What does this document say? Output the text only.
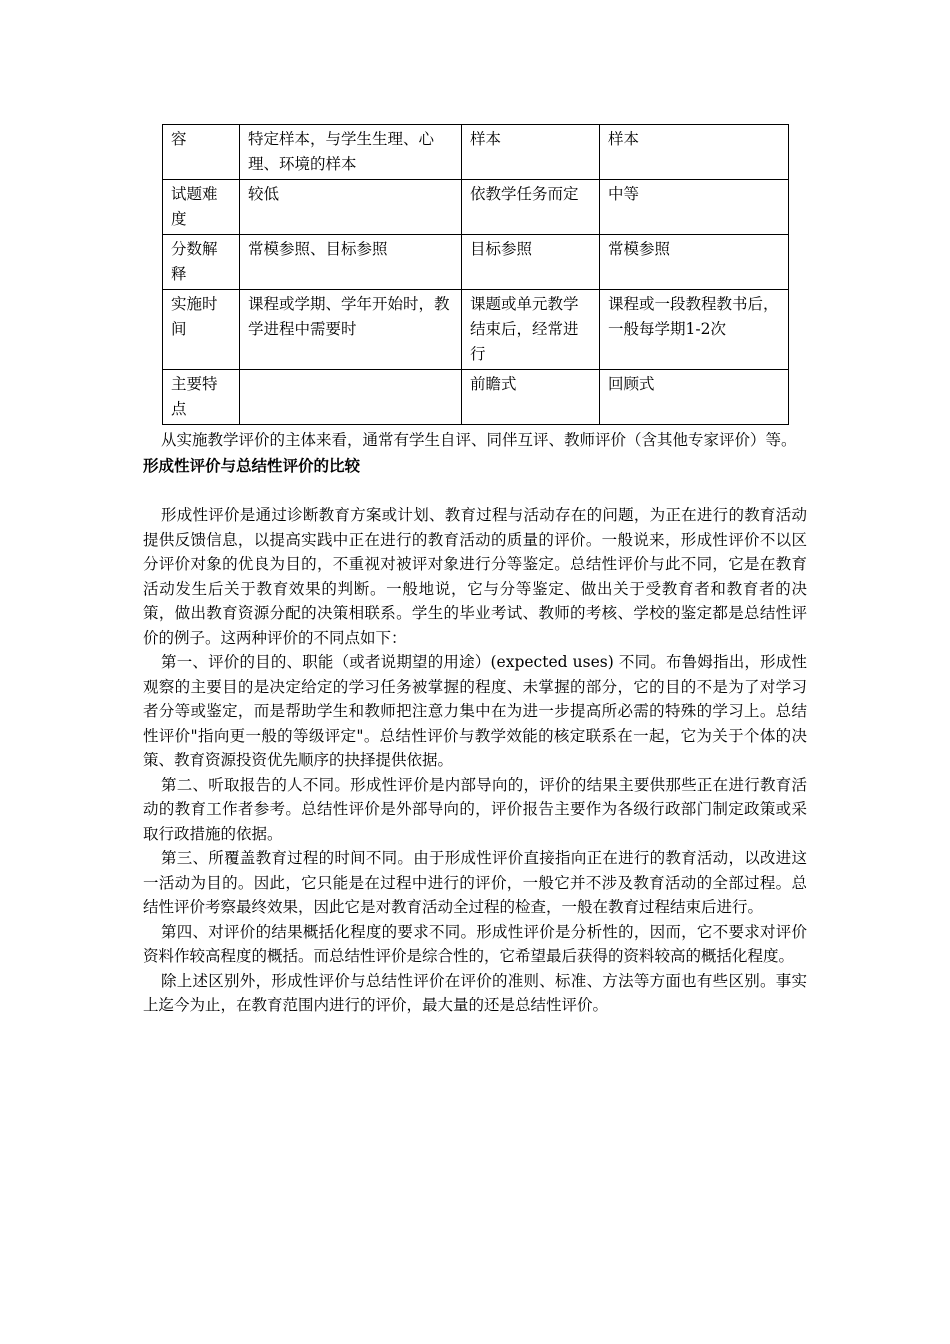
容	特定样本，与学生生理、心理、环境的样本	样本	样本
试题难度	较低	依教学任务而定	中等
分数解释	常模参照、目标参照	目标参照	常模参照
实施时间	课程或学期、学年开始时，教学进程中需要时	课题或单元教学结束后，经常进行	课程或一段教程教书后，一般每学期1-2次
主要特点		前瞻式	回顾式

从实施教学评价的主体来看，通常有学生自评、同伴互评、教师评价（含其他专家评价）等。

形成性评价与总结性评价的比较

形成性评价是通过诊断教育方案或计划、教育过程与活动存在的问题，为正在进行的教育活动提供反馈信息，以提高实践中正在进行的教育活动的质量的评价。一般说来，形成性评价不以区分评价对象的优良为目的，不重视对被评对象进行分等鉴定。总结性评价与此不同，它是在教育活动发生后关于教育效果的判断。一般地说，它与分等鉴定、做出关于受教育者和教育者的决策，做出教育资源分配的决策相联系。学生的毕业考试、教师的考核、学校的鉴定都是总结性评价的例子。这两种评价的不同点如下：

第一、评价的目的、职能（或者说期望的用途）(expected uses) 不同。布鲁姆指出，形成性观察的主要目的是决定给定的学习任务被掌握的程度、未掌握的部分，它的目的不是为了对学习者分等或鉴定，而是帮助学生和教师把注意力集中在为进一步提高所必需的特殊的学习上。总结性评价"指向更一般的等级评定"。总结性评价与教学效能的核定联系在一起，它为关于个体的决策、教育资源投资优先顺序的抉择提供依据。

第二、听取报告的人不同。形成性评价是内部导向的，评价的结果主要供那些正在进行教育活动的教育工作者参考。总结性评价是外部导向的，评价报告主要作为各级行政部门制定政策或采取行政措施的依据。

第三、所覆盖教育过程的时间不同。由于形成性评价直接指向正在进行的教育活动，以改进这一活动为目的。因此，它只能是在过程中进行的评价，一般它并不涉及教育活动的全部过程。总结性评价考察最终效果，因此它是对教育活动全过程的检查，一般在教育过程结束后进行。

第四、对评价的结果概括化程度的要求不同。形成性评价是分析性的，因而，它不要求对评价资料作较高程度的概括。而总结性评价是综合性的，它希望最后获得的资料较高的概括化程度。

除上述区别外，形成性评价与总结性评价在评价的准则、标准、方法等方面也有些区别。事实上迄今为止，在教育范围内进行的评价，最大量的还是总结性评价。
